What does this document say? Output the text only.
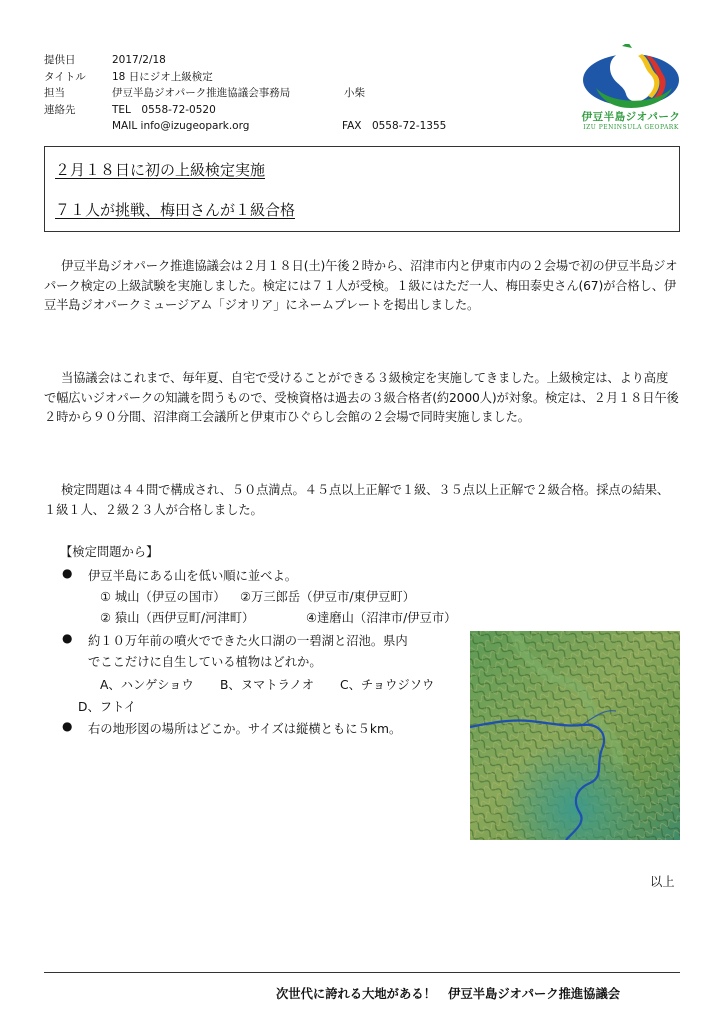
提供日	2017/2/18
タイトル	18 日にジオ上級検定
担当	伊豆半島ジオパーク推進協議会事務局	小柴
連絡先	TEL　0558-72-0520
MAIL info@izugeopark.org	FAX　0558-72-1355
伊豆半島ジオパーク
IZU PENINSULA GEOPARK
２月１８日に初の上級検定実施
７１人が挑戦、梅田さんが１級合格

伊豆半島ジオパーク推進協議会は２月１８日(土)午後２時から、沼津市内と伊東市内の２会場で初の伊豆半島ジオパーク検定の上級試験を実施しました。検定には７１人が受検。１級にはただ一人、梅田泰史さん(67)が合格し、伊豆半島ジオパークミュージアム「ジオリア」にネームプレートを掲出しました。

当協議会はこれまで、毎年夏、自宅で受けることができる３級検定を実施してきました。上級検定は、より高度で幅広いジオパークの知識を問うもので、受検資格は過去の３級合格者(約2000人)が対象。検定は、２月１８日午後２時から９０分間、沼津商工会議所と伊東市ひぐらし会館の２会場で同時実施しました。

検定問題は４４問で構成され、５０点満点。４５点以上正解で１級、３５点以上正解で２級合格。採点の結果、１級１人、２級２３人が合格しました。

【検定問題から】
● 伊豆半島にある山を低い順に並べよ。
① 城山（伊豆の国市） ②万三郎岳（伊豆市/東伊豆町）
② 猿山（西伊豆町/河津町）	④達磨山（沼津市/伊豆市）
● 約１０万年前の噴火でできた火口湖の一碧湖と沼池。県内
でここだけに自生している植物はどれか。
A、ハンゲショウ B、ヌマトラノオ C、チョウジソウ
D、フトイ
● 右の地形図の場所はどこか。サイズは縦横ともに５km。
以上
次世代に誇れる大地がある！　伊豆半島ジオパーク推進協議会
